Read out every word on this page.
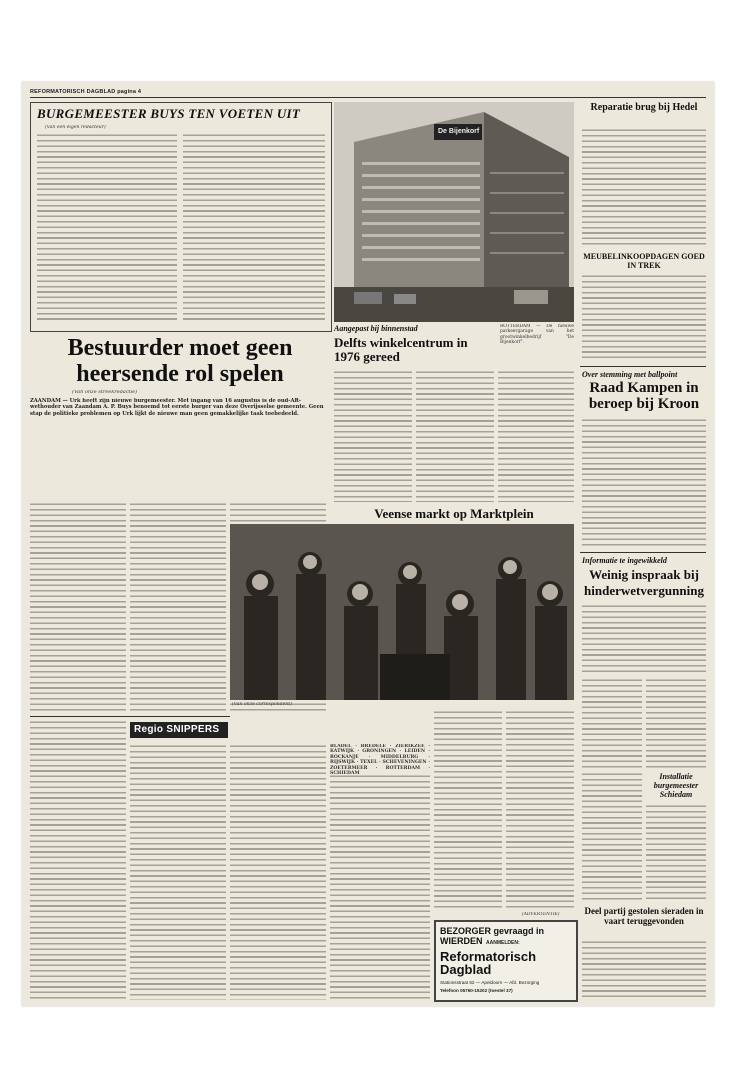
REFORMATORISCH DAGBLAD pagina 4
BURGEMEESTER BUYS TEN VOETEN UIT
(Van een eigen redacteur)
De Bijenkorf
Reparatie brug bij Hedel
MEUBELINKOOPDAGEN GOED IN TREK
Bestuurder moet geen
heersende rol spelen
(Van onze streekredactie)
ZAANDAM — Urk heeft zijn nieuwe burgemeester. Met ingang van 16 augustus is de oud-AR-wethouder van Zaandam A. P. Buys benoemd tot eerste burger van deze Overijsselse gemeente. Geen stap de politieke problemen op Urk lijkt de nieuwe man geen gemakkelijke taak toebedeeld.
ROTTERDAM — De nieuwe parkeergarage van het grootwinkelbedrijf "De Bijenkorf".
Aangepast bij binnenstad
Delfts winkelcentrum in 1976 gereed
Over stemming met ballpoint
Raad Kampen in beroep bij Kroon
Veense markt op Marktplein
(Van onze correspondent)
Informatie te ingewikkeld
Weinig inspraak bij
hinderwetvergunning
Installatie burgemeester Schiedam
Deel partij gestolen sieraden in vaart teruggevonden
Regio SNIPPERS
BLADEL · BREDELE · ZIERIKZEE · KATWIJK · GRONINGEN · LEIDEN · ROCKANJE · MIDDELBURG · RIJSWIJK · TEXEL · SCHEVENINGEN · ZOETERMEER · ROTTERDAM ·
(ADVERTENTIE)
BEZORGER gevraagd in WIERDEN AANMELDEN:
Reformatorisch Dagblad
Stationsstraat 52 — Apeldoorn — Afd. Bezorging
Telefoon 05760-15202 (toestel 37)
